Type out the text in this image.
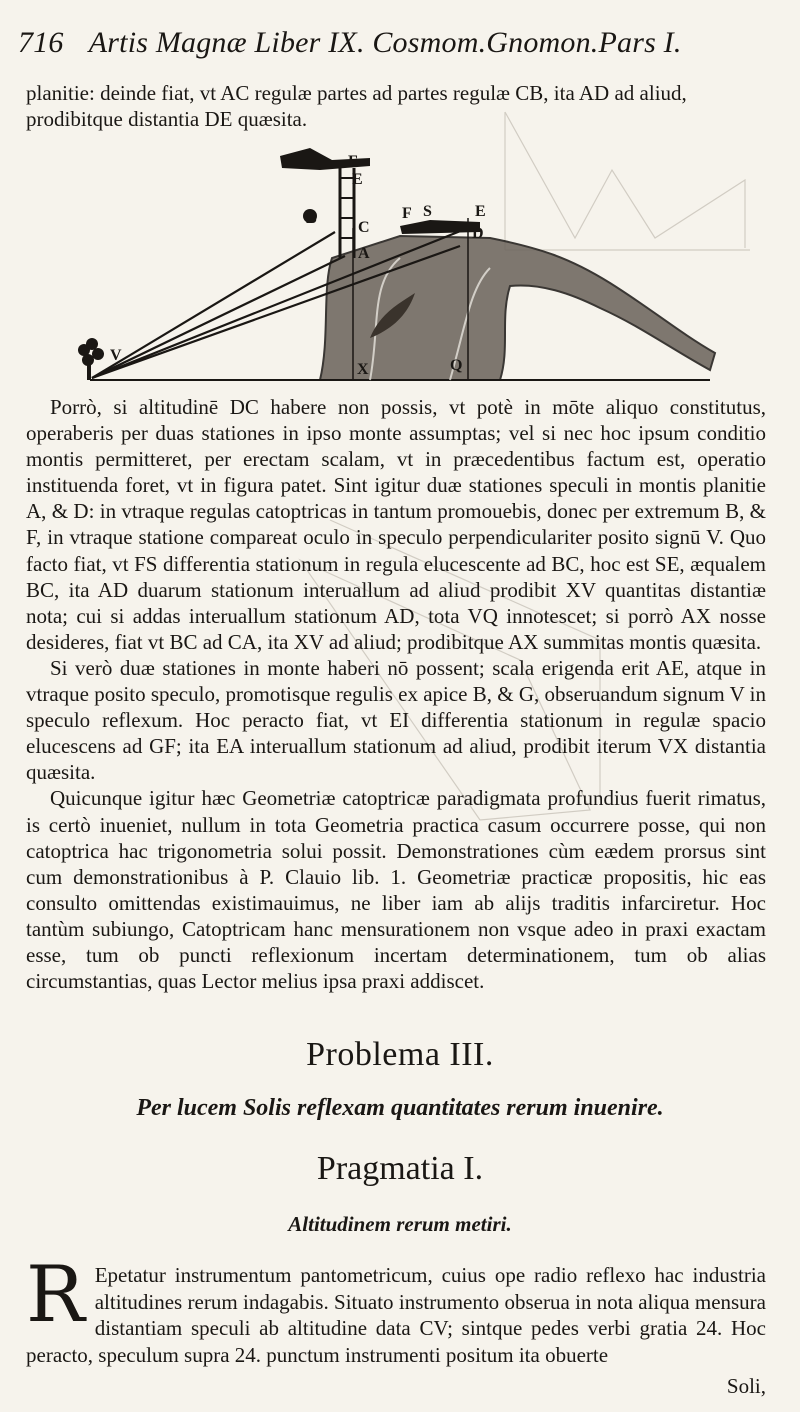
716 Artis Magnæ Liber IX. Cosmom.Gnomon.Pars I.
planitie: deinde fiat, vt AC regulæ partes ad partes regulæ CB, ita AD ad aliud, prodibitque distantia DE quæsita.
V
B
E
F
C
A
F S	E
D
X	Q

Porrò, si altitudinē DC habere non possis, vt potè in mōte aliquo constitutus, operaberis per duas stationes in ipso monte assumptas; vel si nec hoc ipsum conditio montis permitteret, per erectam scalam, vt in præcedentibus factum est, operatio instituenda foret, vt in figura patet. Sint igitur duæ stationes speculi in montis planitie A, & D: in vtraque regulas catoptricas in tantum promouebis, donec per extremum B, & F, in vtraque statione compareat oculo in speculo perpendiculariter posito signū V. Quo facto fiat, vt FS differentia stationum in regula elucescente ad BC, hoc est SE, æqualem BC, ita AD duarum stationum interuallum ad aliud prodibit XV quantitas distantiæ nota; cui si addas interuallum stationum AD, tota VQ innotescet; si porrò AX nosse desideres, fiat vt BC ad CA, ita XV ad aliud; prodibitque AX summitas montis quæsita.

Si verò duæ stationes in monte haberi nō possent; scala erigenda erit AE, atque in vtraque posito speculo, promotisque regulis ex apice B, & G, obseruandum signum V in speculo reflexum. Hoc peracto fiat, vt EI differentia stationum in regulæ spacio elucescens ad GF; ita EA interuallum stationum ad aliud, prodibit iterum VX distantia quæsita.

Quicunque igitur hæc Geometriæ catoptricæ paradigmata profundius fuerit rimatus, is certò inueniet, nullum in tota Geometria practica casum occurrere posse, qui non catoptrica hac trigonometria solui possit. Demonstrationes cùm eædem prorsus sint cum demonstrationibus à P. Clauio lib. 1. Geometriæ practicæ propositis, hic eas consulto omittendas existimauimus, ne liber iam ab alijs traditis infarciretur. Hoc tantùm subiungo, Catoptricam hanc mensurationem non vsque adeo in praxi exactam esse, tum ob puncti reflexionum incertam determinationem, tum ob alias circumstantias, quas Lector melius ipsa praxi addiscet.

Problema III.
Per lucem Solis reflexam quantitates rerum inuenire.
Pragmatia I.
Altitudinem rerum metiri.
R Epetatur instrumentum pantometricum, cuius ope radio reflexo hac industria altitudines rerum indagabis. Situato instrumento obserua in nota aliqua mensura distantiam speculi ab altitudine data CV; sintque pedes verbi gratia 24. Hoc peracto, speculum supra 24. punctum instrumenti positum ita obuerte
Soli,
